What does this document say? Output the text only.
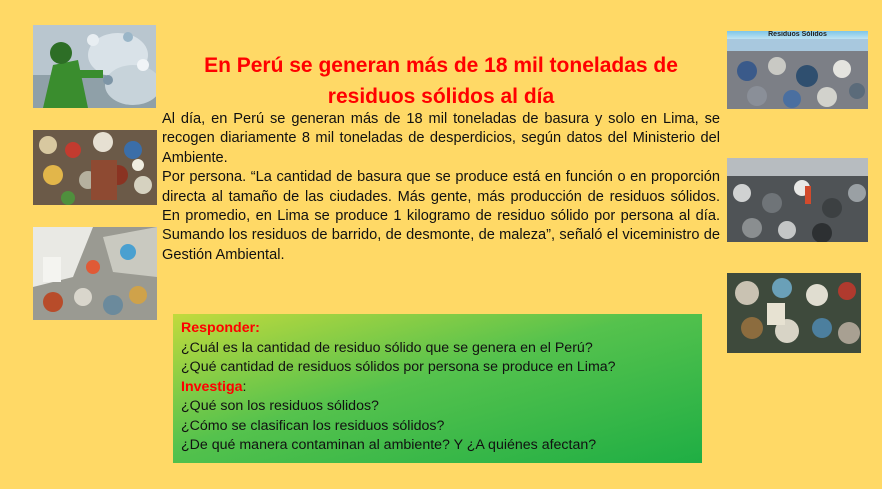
Residuos Sólidos
En Perú se generan más de 18 mil toneladas de residuos sólidos al día

Al día, en Perú se generan más de 18 mil toneladas de basura y solo en Lima, se recogen diariamente 8 mil toneladas de desperdicios, según datos del Ministerio del Ambiente.

Por persona. “La cantidad de basura que se produce está en función o en proporción directa al tamaño de las ciudades. Más gente, más producción de residuos sólidos. En promedio, en Lima se produce 1 kilogramo de residuo sólido por persona al día. Sumando los residuos de barrido, de desmonte, de maleza”, señaló el viceministro de Gestión Ambiental.

Responder:
¿Cuál es la cantidad de residuo sólido que se genera en el Perú?
¿Qué cantidad de residuos sólidos por persona se produce en Lima?
Investiga:
¿Qué son los residuos sólidos?
¿Cómo se clasifican los residuos sólidos?
¿De qué manera contaminan al ambiente? Y ¿A quiénes afectan?
